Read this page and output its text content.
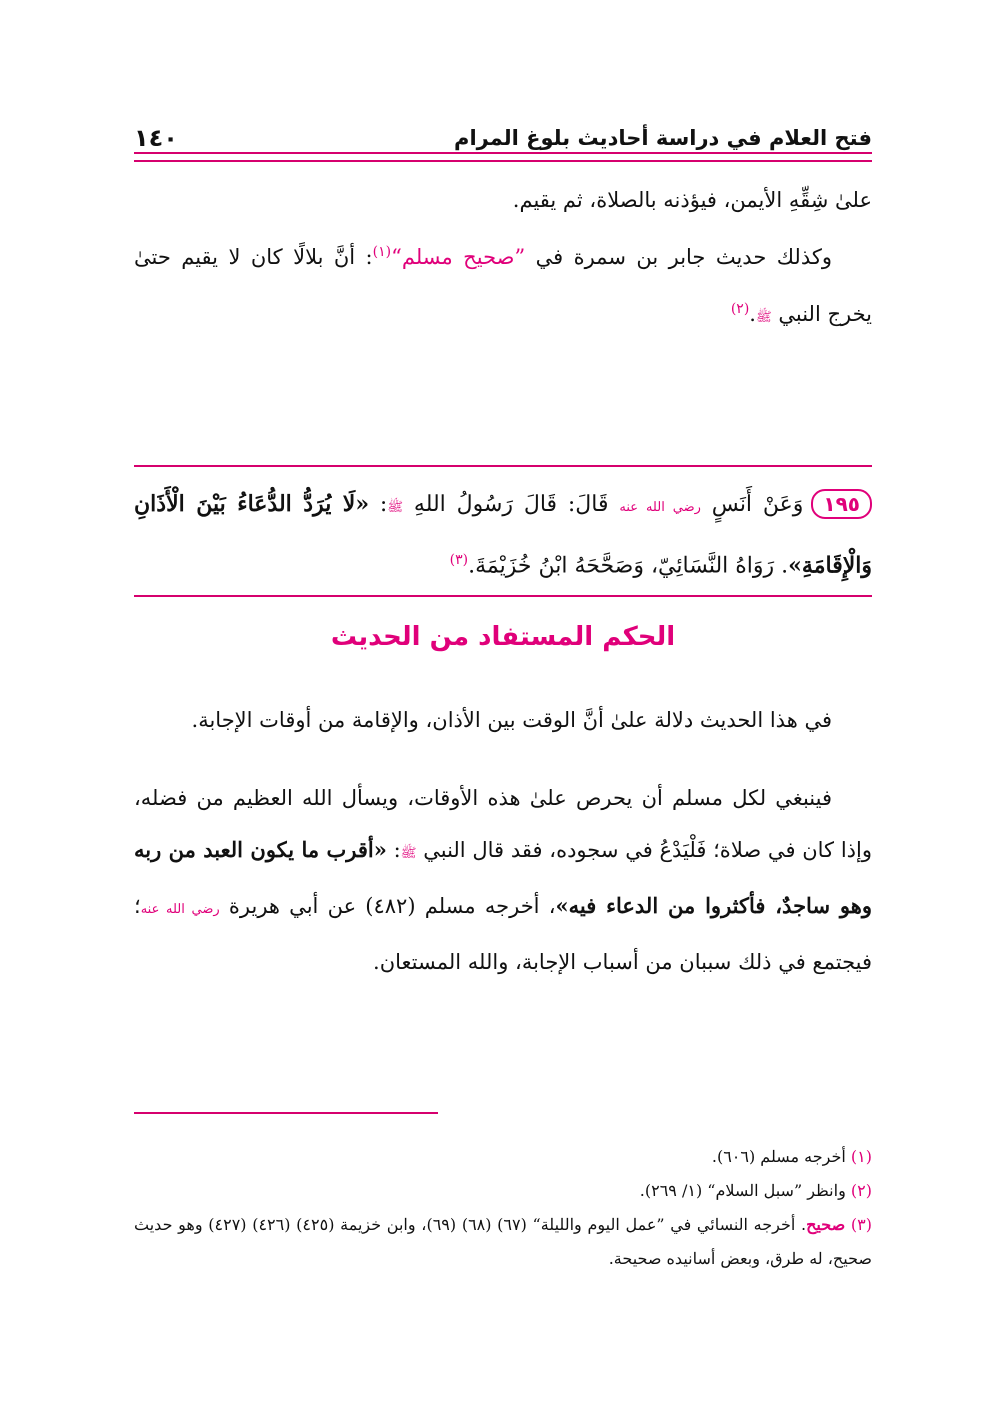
فتح العلام في دراسة أحاديث بلوغ المرام
١٤٠
علىٰ شِقِّهِ الأيمن، فيؤذنه بالصلاة، ثم يقيم.
وكذلك حديث جابر بن سمرة في ”صحيح مسلم“$^{(١)}$: أنَّ بلالًا كان لا يقيم حتىٰ يخرج النبي ﷺ.$^{(٢)}$
١٩٥وَعَنْ أَنَسٍ رضي الله عنه قَالَ: قَالَ رَسُولُ اللهِ ﷺ: «لَا يُرَدُّ الدُّعَاءُ بَيْنَ الْأَذَانِ وَالْإِقَامَةِ». رَوَاهُ النَّسَائِيّ، وَصَحَّحَهُ ابْنُ خُزَيْمَةَ.$^{(٣)}$
الحكم المستفاد من الحديث
في هذا الحديث دلالة علىٰ أنَّ الوقت بين الأذان، والإقامة من أوقات الإجابة.
فينبغي لكل مسلم أن يحرص علىٰ هذه الأوقات، ويسأل الله العظيم من فضله، وإذا كان في صلاة؛ فَلْيَدْعُ في سجوده، فقد قال النبي ﷺ: «أقرب ما يكون العبد من ربه وهو ساجدٌ، فأكثروا من الدعاء فيه»، أخرجه مسلم (٤٨٢) عن أبي هريرة رضي الله عنه؛ فيجتمع في ذلك سببان من أسباب الإجابة، والله المستعان.
(١) أخرجه مسلم (٦٠٦).
(٢) وانظر ”سبل السلام“ (١/ ٢٦٩).
(٣) صحيح. أخرجه النسائي في ”عمل اليوم والليلة“ (٦٧) (٦٨) (٦٩)، وابن خزيمة (٤٢٥) (٤٢٦) (٤٢٧) وهو حديث صحيح، له طرق، وبعض أسانيده صحيحة.
